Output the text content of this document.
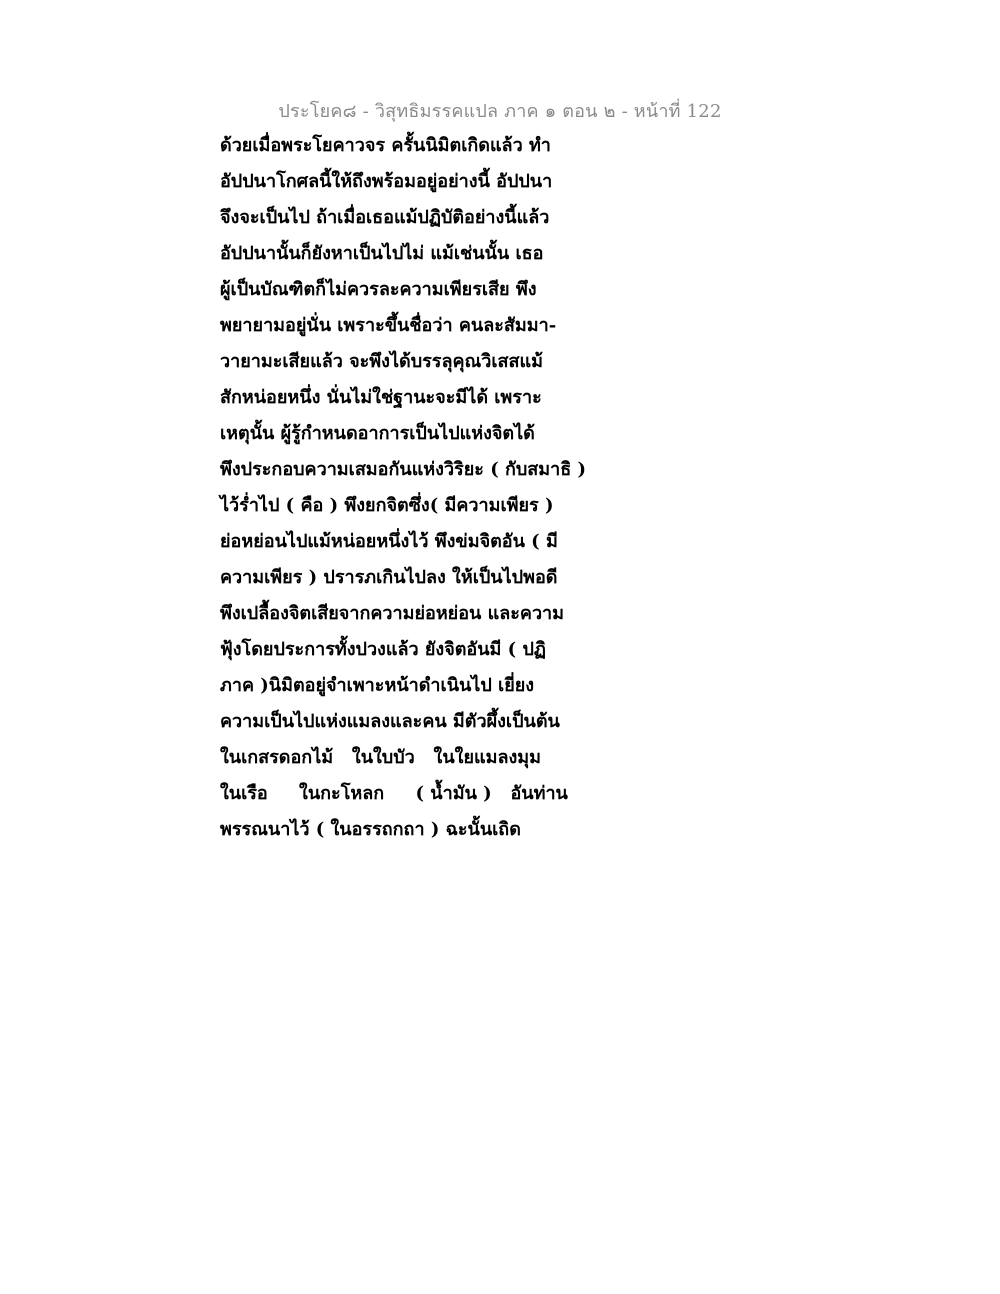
ประโยค๘ - วิสุทธิมรรคแปล ภาค ๑ ตอน ๒ - หน้าที่ 122
ด้วยเมื่อพระโยคาวจร ครั้นนิมิตเกิดแล้ว ทำ
อัปปนาโกศลนี้ให้ถึงพร้อมอยู่อย่างนี้ อัปปนา
จึงจะเป็นไป ถ้าเมื่อเธอแม้ปฏิบัติอย่างนี้แล้ว
อัปปนานั้นก็ยังหาเป็นไปไม่ แม้เช่นนั้น เธอ
ผู้เป็นบัณฑิตก็ไม่ควรละความเพียรเสีย พึง
พยายามอยู่นั่น เพราะขึ้นชื่อว่า คนละสัมมา-
วายามะเสียแล้ว จะพึงได้บรรลุคุณวิเสสแม้
สักหน่อยหนึ่ง นั่นไม่ใช่ฐานะจะมีได้ เพราะ
เหตุนั้น ผู้รู้กำหนดอาการเป็นไปแห่งจิตได้
พึงประกอบความเสมอกันแห่งวิริยะ ( กับสมาธิ )
ไว้ร่ำไป ( คือ ) พึงยกจิตซึ่ง( มีความเพียร )
ย่อหย่อนไปแม้หน่อยหนึ่งไว้ พึงข่มจิตอัน ( มี
ความเพียร ) ปรารภเกินไปลง ให้เป็นไปพอดี
พึงเปลื้องจิตเสียจากความย่อหย่อน และความ
ฟุ้งโดยประการทั้งปวงแล้ว ยังจิตอันมี ( ปฏิ
ภาค )นิมิตอยู่จำเพาะหน้าดำเนินไป เยี่ยง
ความเป็นไปแห่งแมลงและคน มีตัวผึ้งเป็นต้น
ในเกสรดอกไม้   ในใบบัว   ในใยแมลงมุม
ในเรือ     ในกะโหลก     ( น้ำมัน )   อันท่าน
พรรณนาไว้ ( ในอรรถกถา ) ฉะนั้นเถิด
